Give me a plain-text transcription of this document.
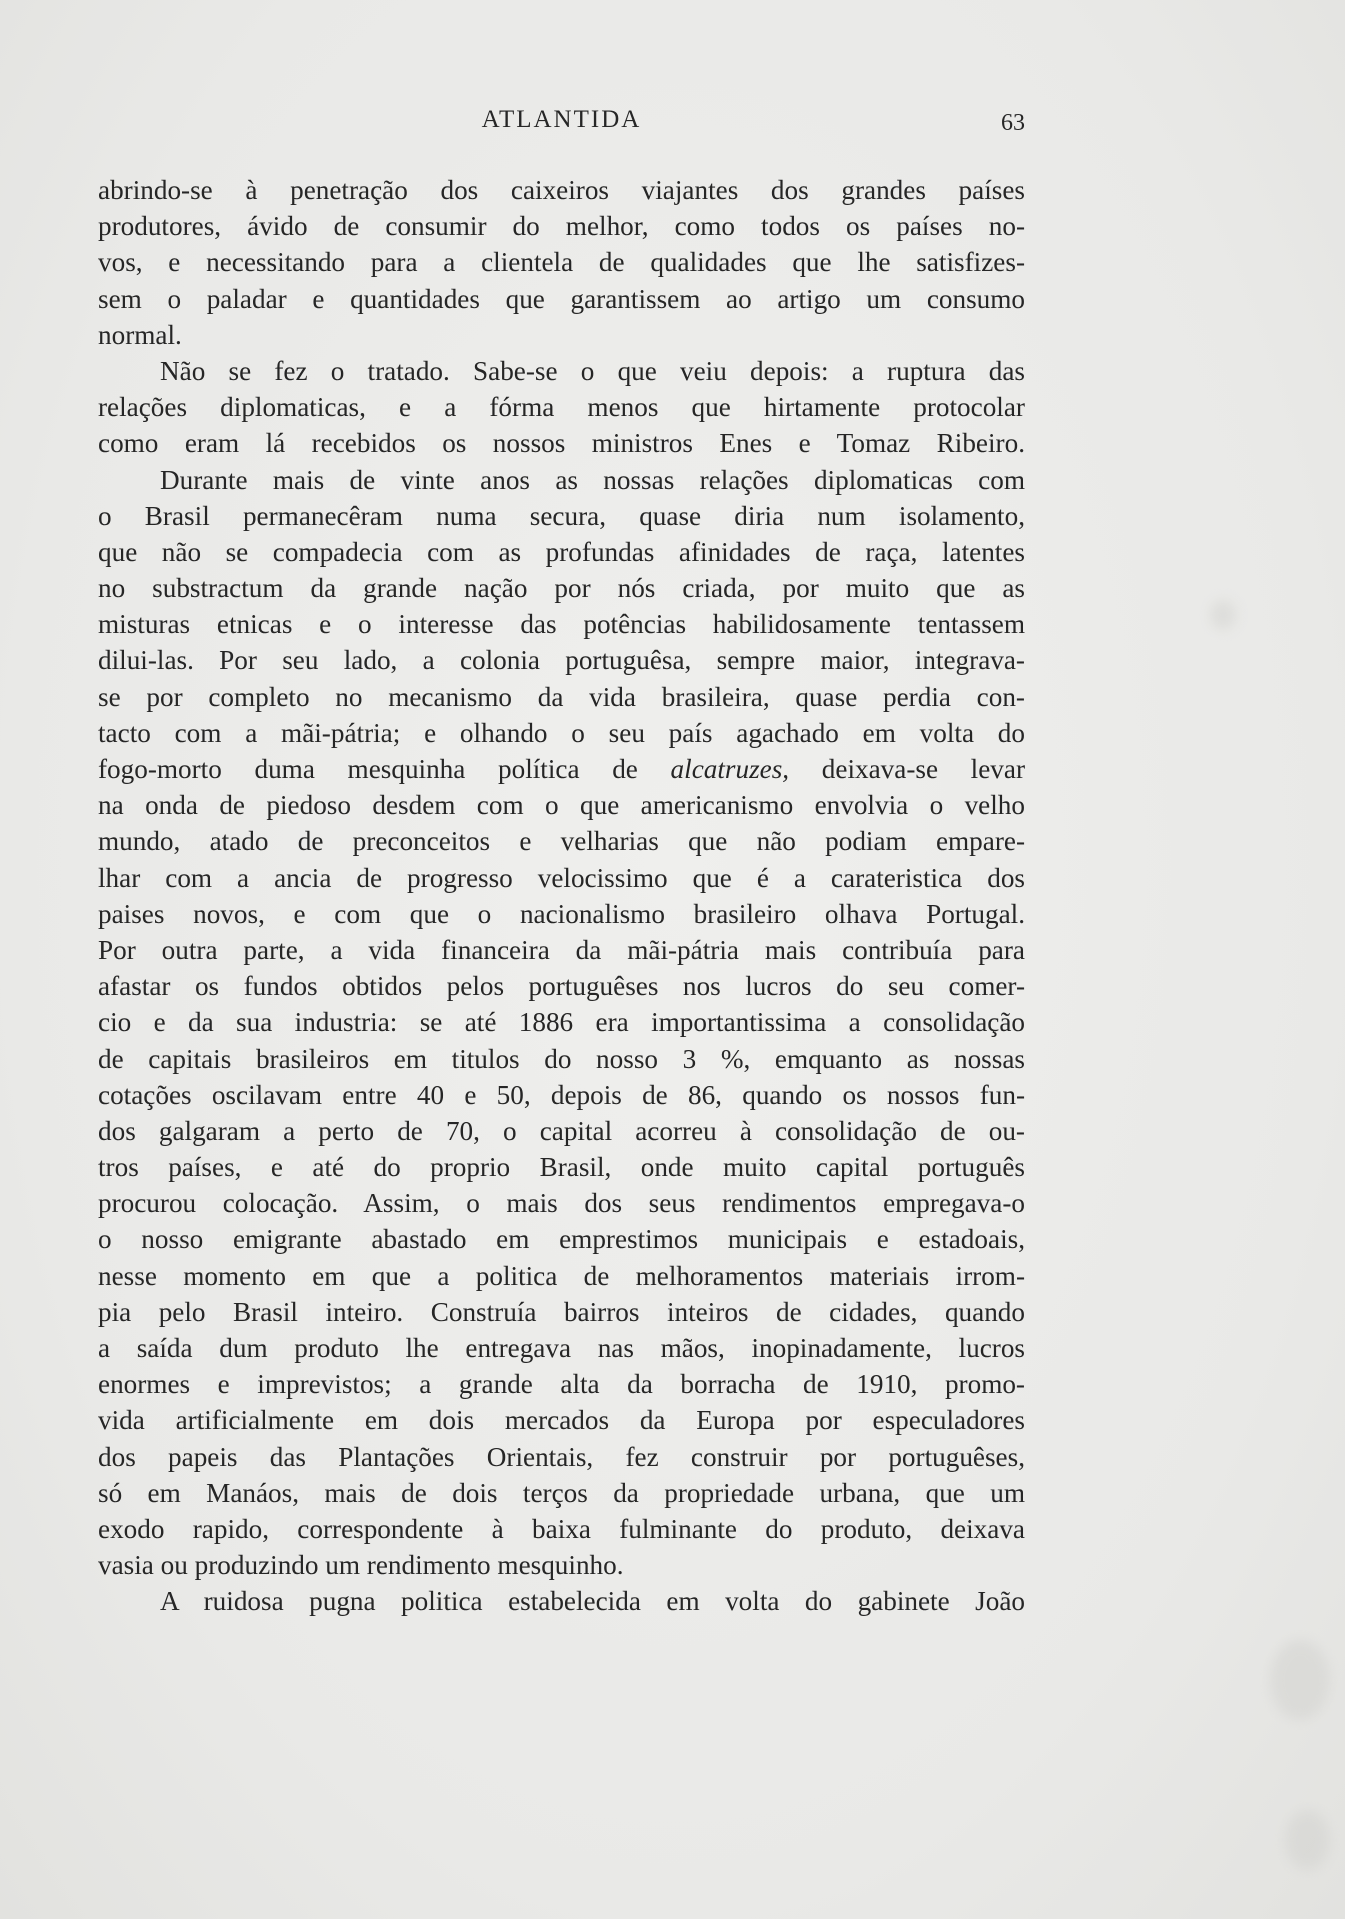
ATLANTIDA	63
abrindo-se à penetração dos caixeiros viajantes dos grandes países
produtores, ávido de consumir do melhor, como todos os países no-
vos, e necessitando para a clientela de qualidades que lhe satisfizes-
sem o paladar e quantidades que garantissem ao artigo um consumo
normal.
Não se fez o tratado. Sabe-se o que veiu depois: a ruptura das
relações diplomaticas, e a fórma menos que hirtamente protocolar
como eram lá recebidos os nossos ministros Enes e Tomaz Ribeiro.
Durante mais de vinte anos as nossas relações diplomaticas com
o Brasil permanecêram numa secura, quase diria num isolamento,
que não se compadecia com as profundas afinidades de raça, latentes
no substractum da grande nação por nós criada, por muito que as
misturas etnicas e o interesse das potências habilidosamente tentassem
dilui-las. Por seu lado, a colonia portuguêsa, sempre maior, integrava-
se por completo no mecanismo da vida brasileira, quase perdia con-
tacto com a mãi-pátria; e olhando o seu país agachado em volta do
fogo-morto duma mesquinha política de alcatruzes, deixava-se levar
na onda de piedoso desdem com o que americanismo envolvia o velho
mundo, atado de preconceitos e velharias que não podiam empare-
lhar com a ancia de progresso velocissimo que é a carateristica dos
paises novos, e com que o nacionalismo brasileiro olhava Portugal.
Por outra parte, a vida financeira da mãi-pátria mais contribuía para
afastar os fundos obtidos pelos portuguêses nos lucros do seu comer-
cio e da sua industria: se até 1886 era importantissima a consolidação
de capitais brasileiros em titulos do nosso 3 %, emquanto as nossas
cotações oscilavam entre 40 e 50, depois de 86, quando os nossos fun-
dos galgaram a perto de 70, o capital acorreu à consolidação de ou-
tros países, e até do proprio Brasil, onde muito capital português
procurou colocação. Assim, o mais dos seus rendimentos empregava-o
o nosso emigrante abastado em emprestimos municipais e estadoais,
nesse momento em que a politica de melhoramentos materiais irrom-
pia pelo Brasil inteiro. Construía bairros inteiros de cidades, quando
a saída dum produto lhe entregava nas mãos, inopinadamente, lucros
enormes e imprevistos; a grande alta da borracha de 1910, promo-
vida artificialmente em dois mercados da Europa por especuladores
dos papeis das Plantações Orientais, fez construir por portuguêses,
só em Manáos, mais de dois terços da propriedade urbana, que um
exodo rapido, correspondente à baixa fulminante do produto, deixava
vasia ou produzindo um rendimento mesquinho.
A ruidosa pugna politica estabelecida em volta do gabinete João
